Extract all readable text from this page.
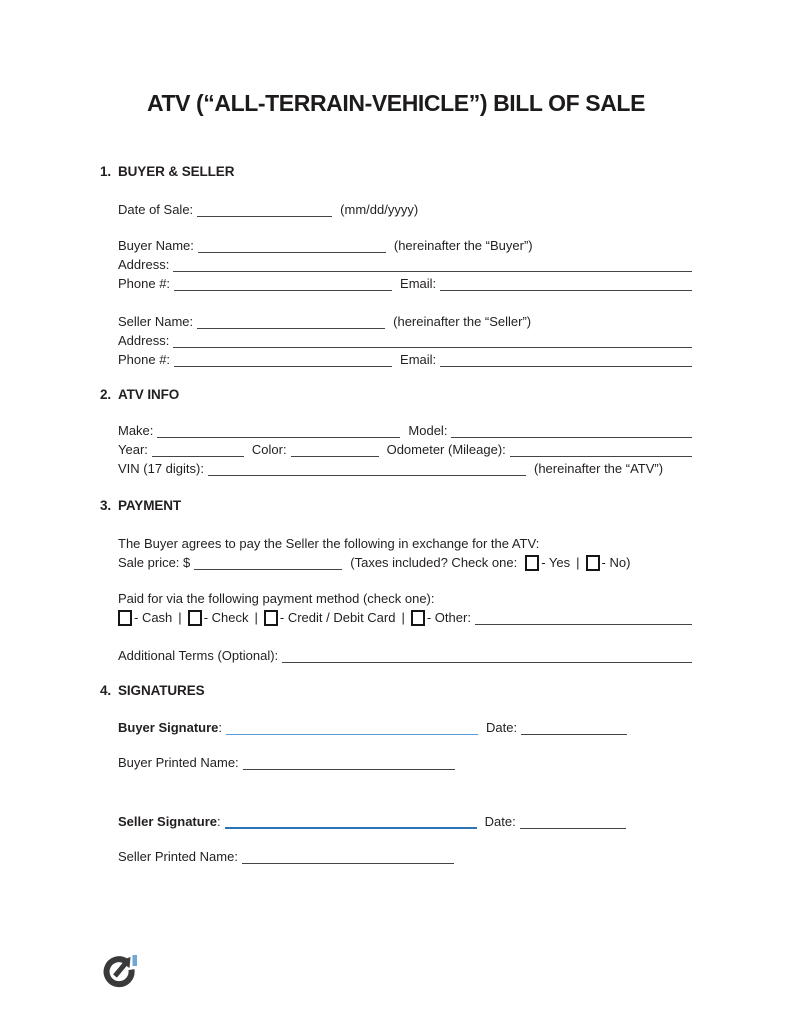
ATV (“ALL-TERRAIN-VEHICLE”) BILL OF SALE
1. BUYER & SELLER
Date of Sale:	(mm/dd/yyyy)
Buyer Name:	(hereinafter the “Buyer”)
Address:
Phone #:	Email:
Seller Name:	(hereinafter the “Seller”)
Address:
Phone #:	Email:
2. ATV INFO
Make:	Model:
Year:	Color:	Odometer (Mileage):
VIN (17 digits):	(hereinafter the “ATV”)
3. PAYMENT
The Buyer agrees to pay the Seller the following in exchange for the ATV:
Sale price: $	(Taxes included? Check one: - Yes | - No)
Paid for via the following payment method (check one):
- Cash | - Check | - Credit / Debit Card | - Other:
Additional Terms (Optional):
4. SIGNATURES
Buyer Signature :	Date:
Buyer Printed Name:
Seller Signature :	Date:
Seller Printed Name:
